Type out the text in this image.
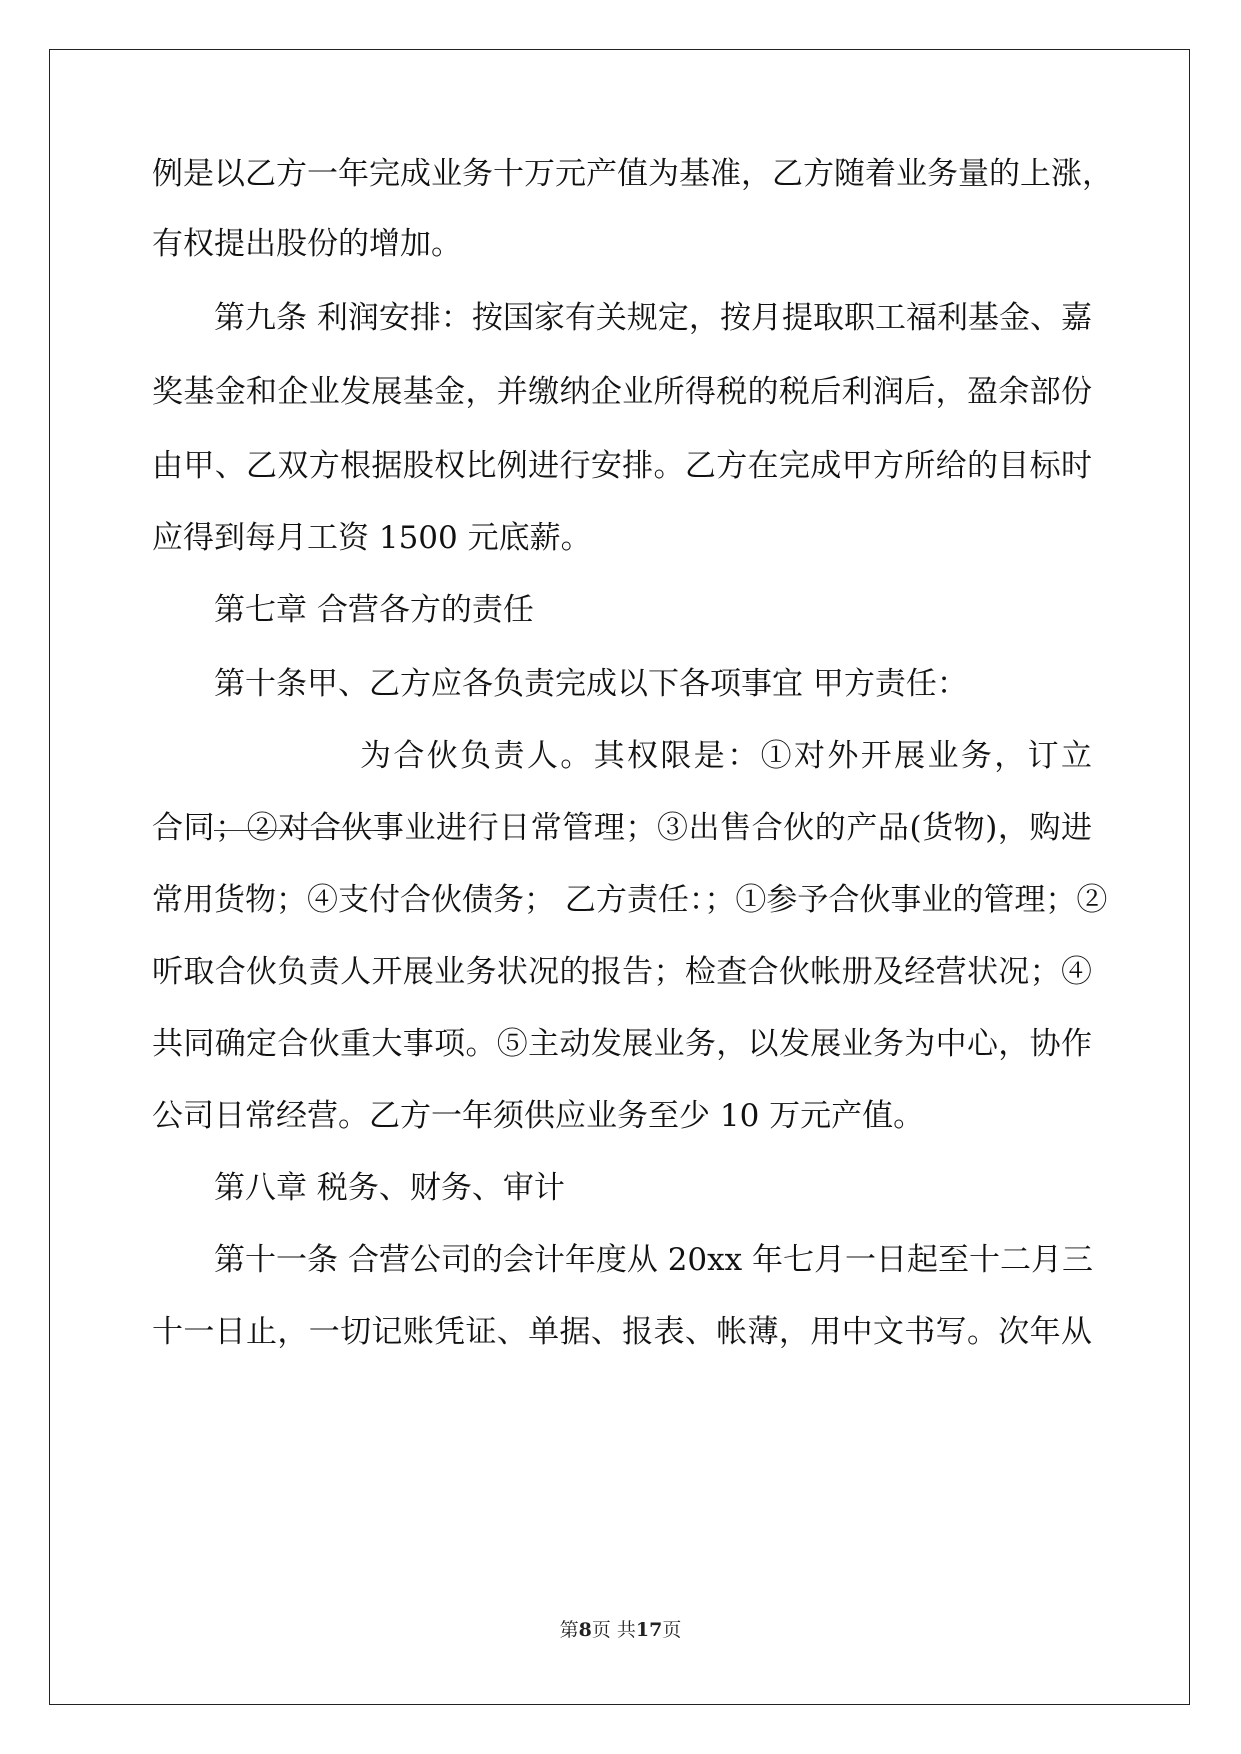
例是以乙方一年完成业务十万元产值为基准，乙方随着业务量的上涨，
有权提出股份的增加。
第九条 利润安排：按国家有关规定，按月提取职工福利基金、嘉
奖基金和企业发展基金，并缴纳企业所得税的税后利润后，盈余部份
由甲、乙双方根据股权比例进行安排。乙方在完成甲方所给的目标时
应得到每月工资 1500 元底薪。
第七章 合营各方的责任
第十条甲、乙方应各负责完成以下各项事宜 甲方责任：
为合伙负责人。其权限是：①对外开展业务，订立
合同；②对合伙事业进行日常管理；③出售合伙的产品(货物)，购进
常用货物；④支付合伙债务； 乙方责任：；①参予合伙事业的管理；②
听取合伙负责人开展业务状况的报告；检查合伙帐册及经营状况；④
共同确定合伙重大事项。⑤主动发展业务，以发展业务为中心，协作
公司日常经营。乙方一年须供应业务至少 10 万元产值。
第八章 税务、财务、审计
第十一条 合营公司的会计年度从 20xx 年七月一日起至十二月三
十一日止，一切记账凭证、单据、报表、帐薄，用中文书写。次年从
第8页 共17页
